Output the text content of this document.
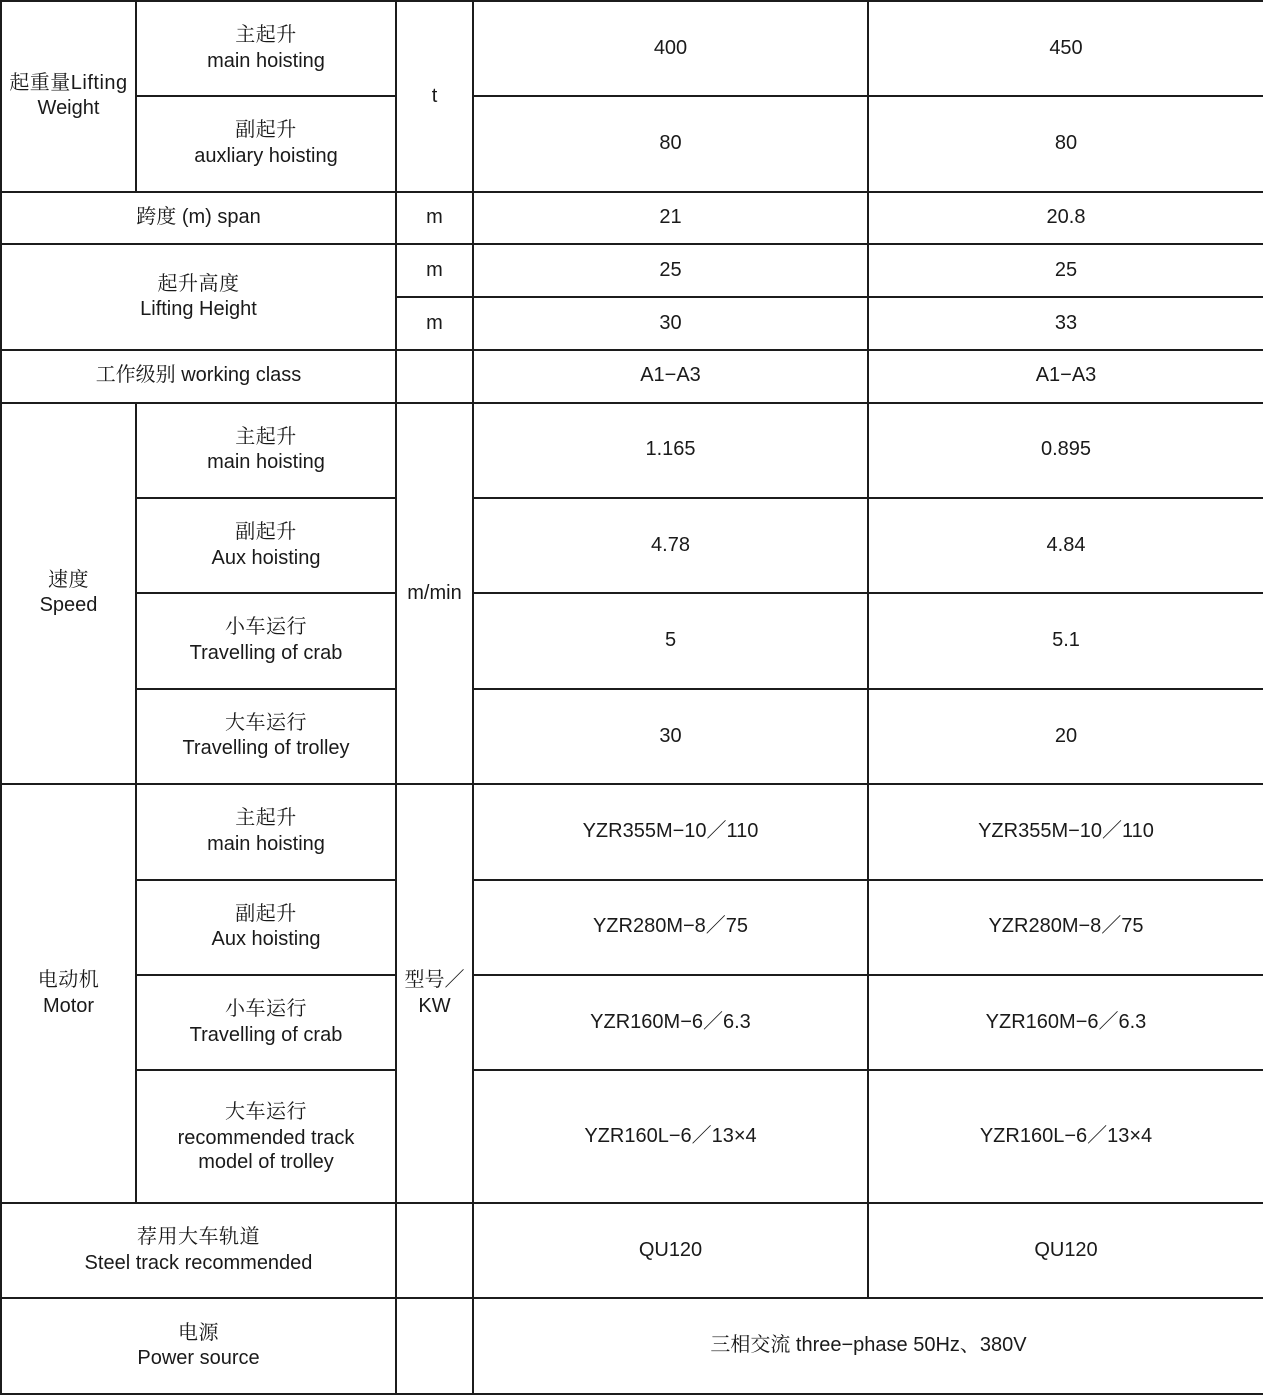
起重量Lifting
Weight	主起升
main hoisting	t	400	450

	副起升
auxliary hoisting		80	80
跨度 (m) span		m	21	20.8

起升高度
Lifting Height		m	25	25
		m	30	33
工作级别 working class			A1−A3	A1−A3

速度
Speed	主起升
main hoisting	m/min	1.165	0.895

	副起升
Aux hoisting		4.78	4.84

	小车运行
Travelling of crab		5	5.1

	大车运行
Travelling of trolley		30	20

电动机
Motor	主起升
main hoisting	型号／
KW	YZR355M−10／110	YZR355M−10／110

	副起升
Aux hoisting		YZR280M−8／75	YZR280M−8／75

	小车运行
Travelling of crab		YZR160M−6／6.3	YZR160M−6／6.3

	大车运行
recommended track
model of trolley		YZR160L−6／13×4	YZR160L−6／13×4

荐用大车轨道
Steel track recommended			QU120	QU120

电源
Power source			三相交流 three−phase 50Hz、380V	
